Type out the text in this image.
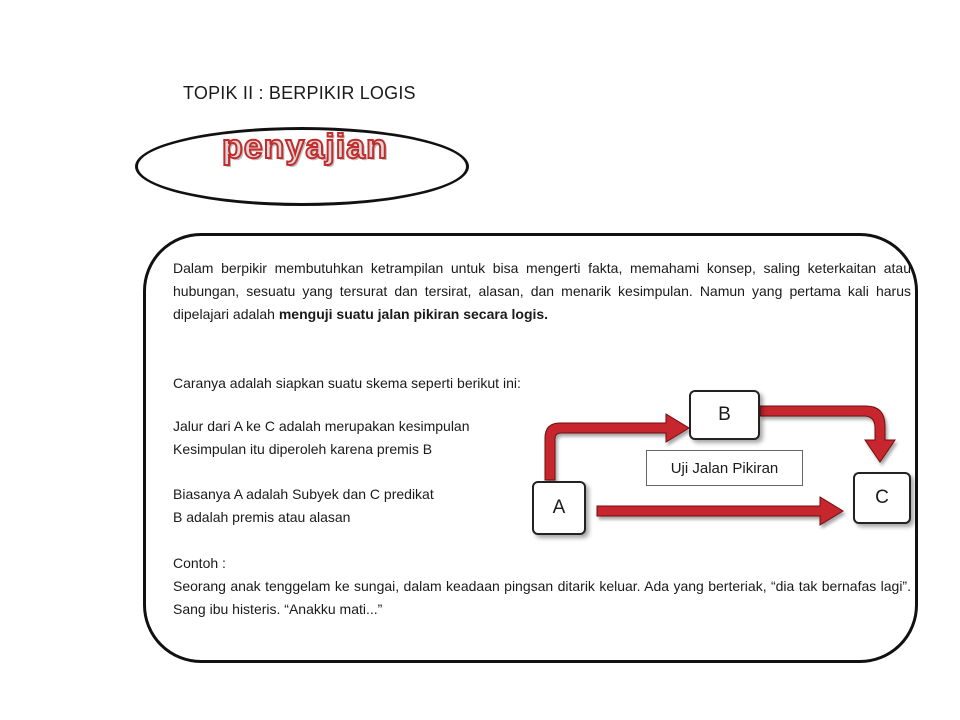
TOPIK II : BERPIKIR LOGIS
penyajian

Dalam berpikir membutuhkan ketrampilan untuk bisa mengerti fakta, memahami konsep, saling keterkaitan atau hubungan, sesuatu yang tersurat dan tersirat, alasan, dan menarik kesimpulan. Namun yang pertama kali harus dipelajari adalah menguji suatu jalan pikiran secara logis.

Caranya adalah siapkan suatu skema seperti berikut ini:
Jalur dari A ke C adalah merupakan kesimpulan
Kesimpulan itu diperoleh karena premis B
Biasanya A adalah Subyek dan C predikat
B adalah premis atau alasan
Contoh :

Seorang anak tenggelam ke sungai, dalam keadaan pingsan ditarik keluar. Ada yang berteriak, “dia tak bernafas lagi”. Sang ibu histeris. “Anakku mati...”

A
B
C
Uji Jalan Pikiran
